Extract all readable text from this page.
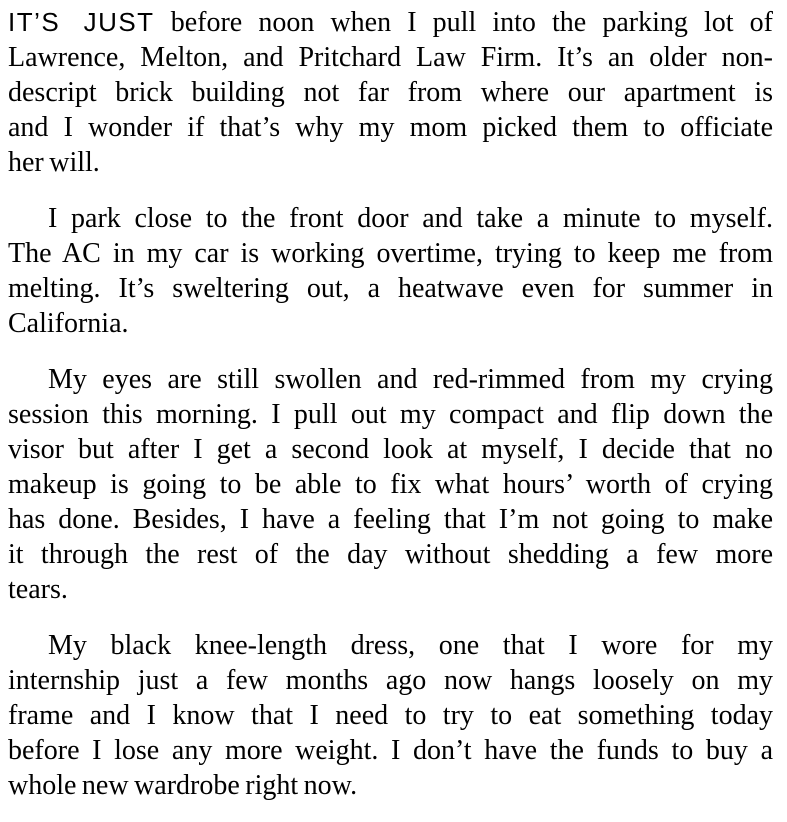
IT’S JUST before noon when I pull into the parking lot of
Lawrence, Melton, and Pritchard Law Firm. It’s an older non-
descript brick building not far from where our apartment is
and I wonder if that’s why my mom picked them to officiate
her will.
I park close to the front door and take a minute to myself.
The AC in my car is working overtime, trying to keep me from
melting. It’s sweltering out, a heatwave even for summer in
California.
My eyes are still swollen and red-rimmed from my crying
session this morning. I pull out my compact and flip down the
visor but after I get a second look at myself, I decide that no
makeup is going to be able to fix what hours’ worth of crying
has done. Besides, I have a feeling that I’m not going to make
it through the rest of the day without shedding a few more
tears.
My black knee-length dress, one that I wore for my
internship just a few months ago now hangs loosely on my
frame and I know that I need to try to eat something today
before I lose any more weight. I don’t have the funds to buy a
whole new wardrobe right now.
